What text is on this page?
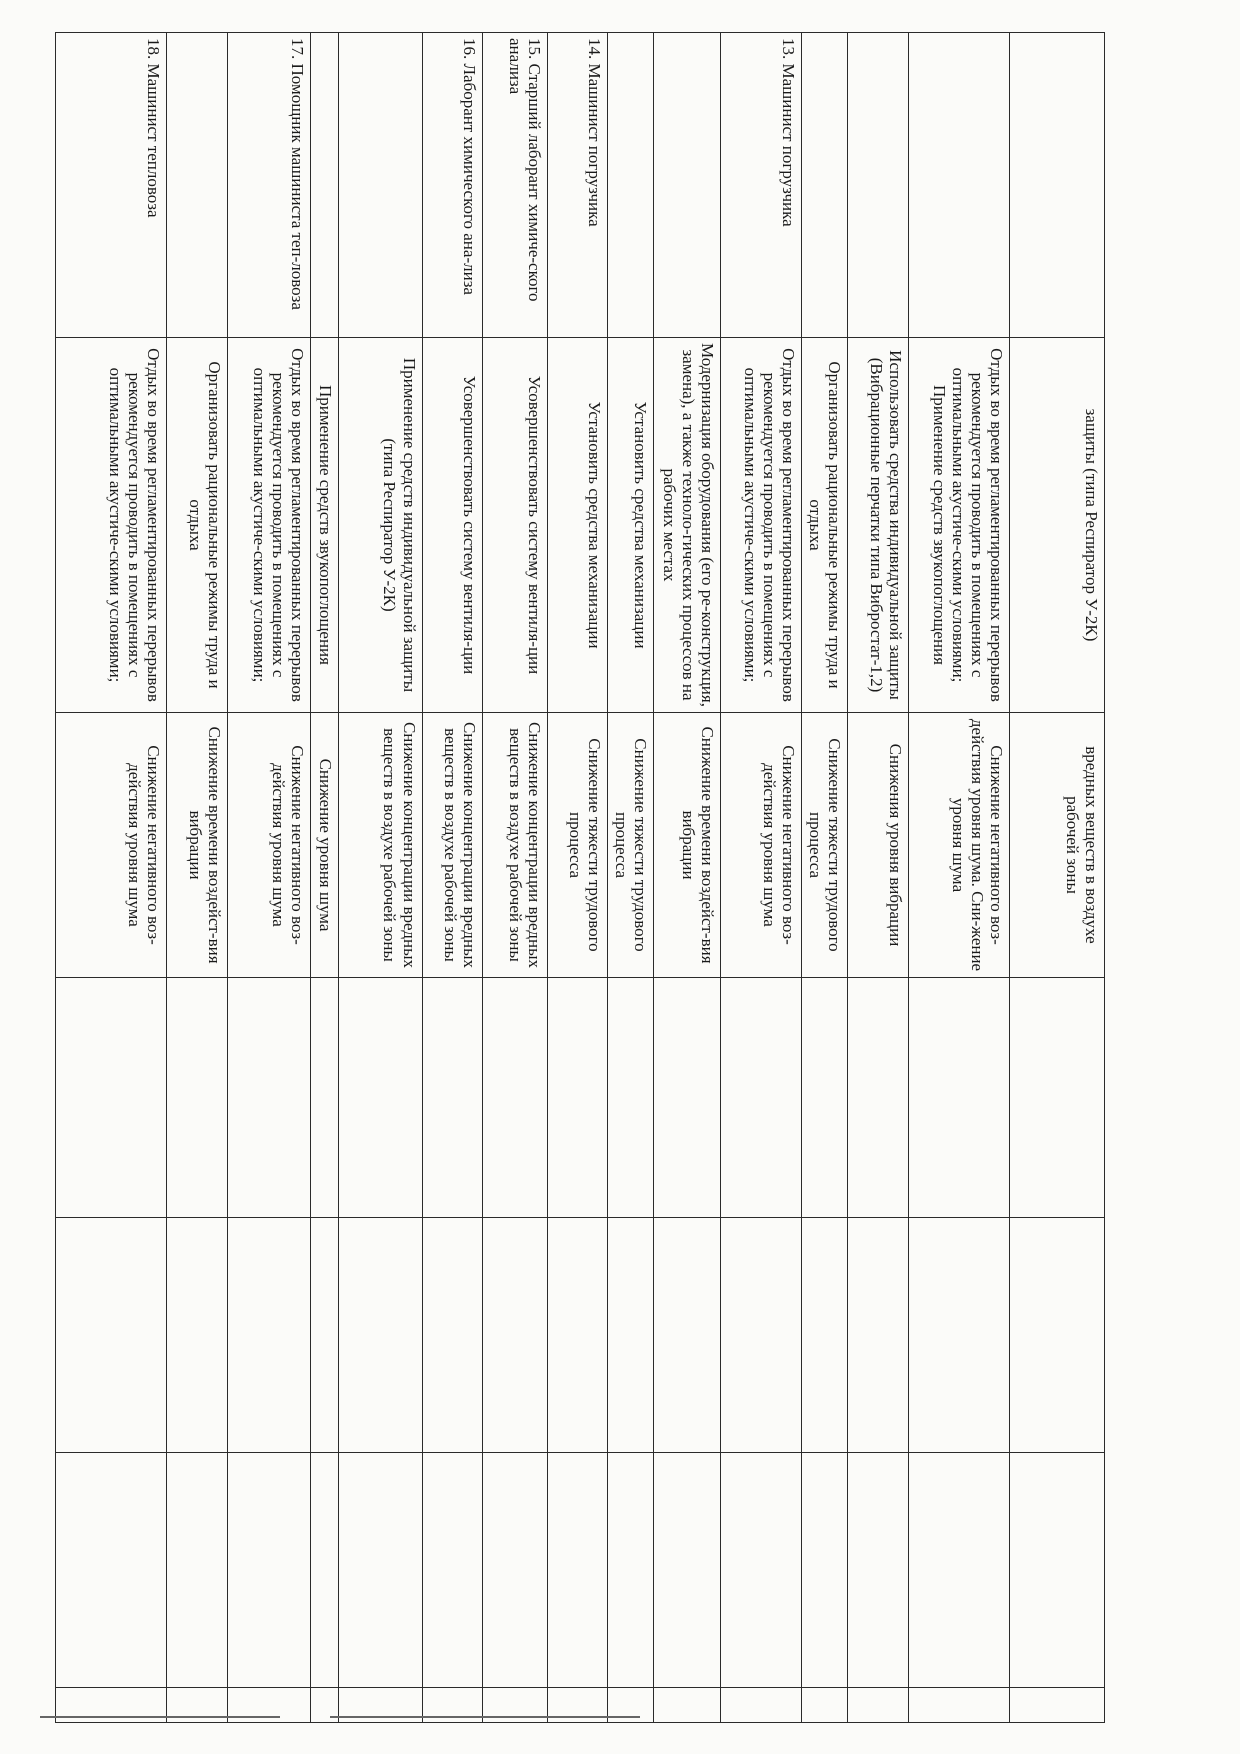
	защиты (типа Респиратор У-2К)	вредных веществ в воздухе рабочей зоны				
	Отдых во время регламентированных перерывов рекомендуется проводить в помещениях с оптимальными акустиче-скими условиями; Применение средств звукопоглощения	Снижение негативного воз-действия уровня шума. Сни-жение уровня шума				
	Использовать средства индивидуальной защиты (Вибрационные перчатки типа Вибростат-1,2)	Снижения уровня вибрации				
	Организовать рациональные режимы труда и отдыха	Снижение тяжести трудового процесса				
13. Машинист погрузчика	Отдых во время регламентированных перерывов рекомендуется проводить в помещениях с оптимальными акустиче-скими условиями;	Снижение негативного воз-действия уровня шума				
	Модернизация оборудования (его ре-конструкция, замена), а также техноло-гических процессов на рабочих местах	Снижение времени воздейст-вия вибрации				
	Установить средства механизации	Снижение тяжести трудового процесса				
14. Машинист погрузчика	Установить средства механизации	Снижение тяжести трудового процесса				
15. Старший лаборант химиче-ского анализа	Усовершенствовать систему вентиля-ции	Снижение концентрации вредных веществ в воздухе рабочей зоны				
16. Лаборант химического ана-лиза	Усовершенствовать систему вентиля-ции	Снижение концентрации вредных веществ в воздухе рабочей зоны				
	Применение средств индивидуальной защиты (типа Респиратор У-2К)	Снижение концентрации вредных веществ в воздухе рабочей зоны				
	Применение средств звукопоглощения	Снижение уровня шума				
17. Помощник машиниста теп-ловоза	Отдых во время регламентированных перерывов рекомендуется проводить в помещениях с оптимальными акустиче-скими условиями;	Снижение негативного воз-действия уровня шума				
	Организовать рациональные режимы труда и отдыха	Снижение времени воздейст-вия вибрации				
18. Машинист тепловоза	Отдых во время регламентированных перерывов рекомендуется проводить в помещениях с оптимальными акустиче-скими условиями;	Снижение негативного воз-действия уровня шума				
